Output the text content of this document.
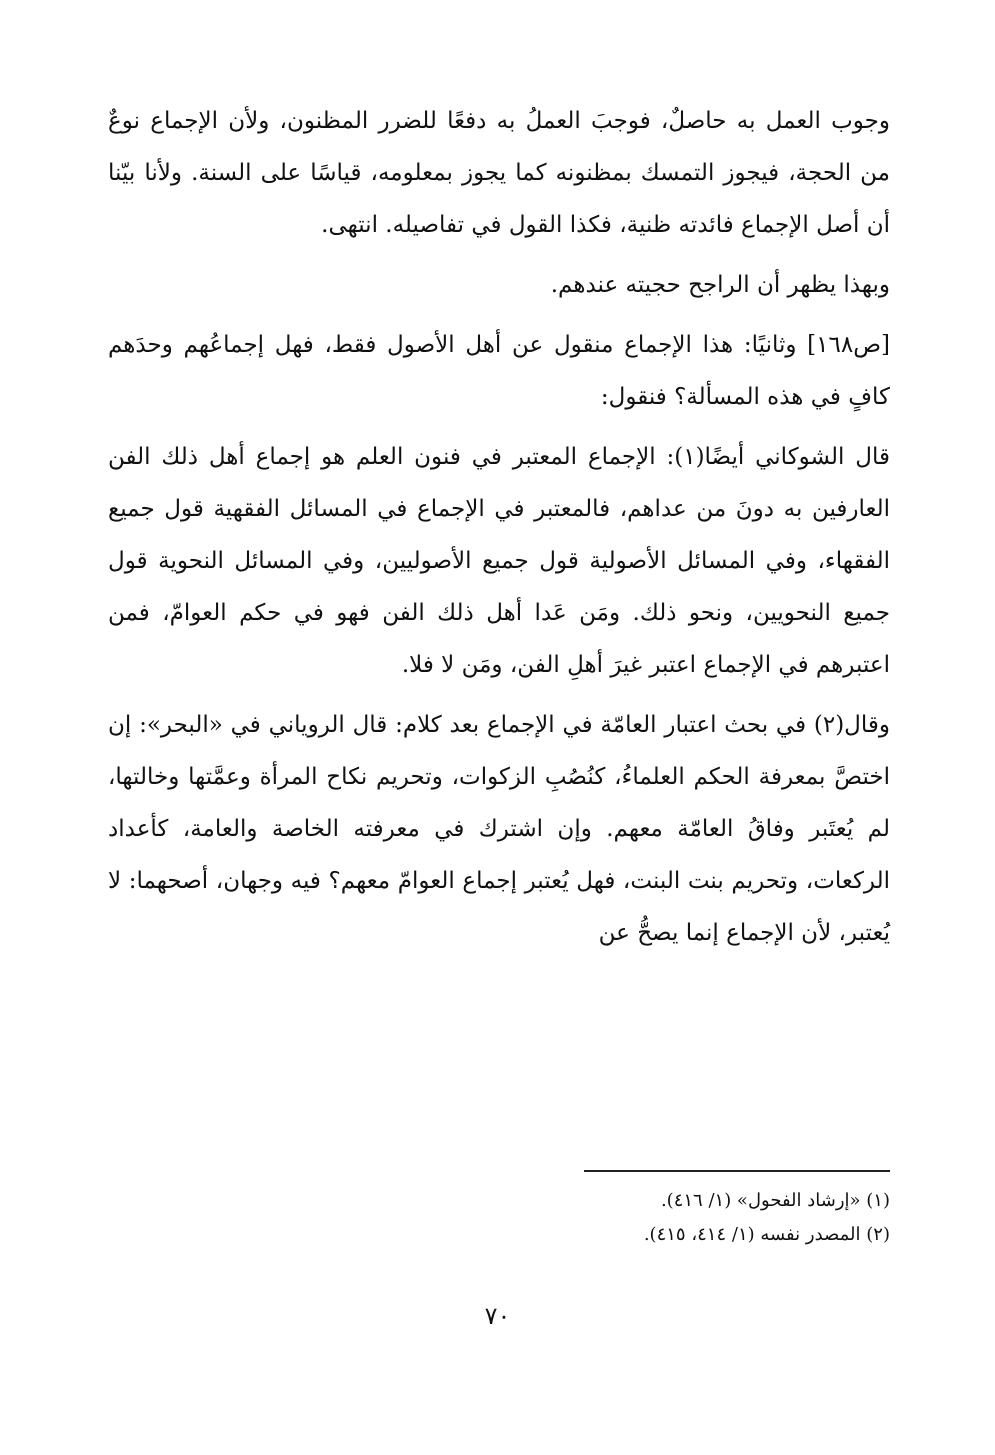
وجوب العمل به حاصلٌ، فوجبَ العملُ به دفعًا للضرر المظنون، ولأن الإجماع نوعٌ من الحجة، فيجوز التمسك بمظنونه كما يجوز بمعلومه، قياسًا على السنة. ولأنا بيّنا أن أصل الإجماع فائدته ظنية، فكذا القول في تفاصيله. انتهى.

وبهذا يظهر أن الراجح حجيته عندهم.

[ص١٦٨] وثانيًا: هذا الإجماع منقول عن أهل الأصول فقط، فهل إجماعُهم وحدَهم كافٍ في هذه المسألة؟ فنقول:

قال الشوكاني أيضًا(١): الإجماع المعتبر في فنون العلم هو إجماع أهل ذلك الفن العارفين به دونَ من عداهم، فالمعتبر في الإجماع في المسائل الفقهية قول جميع الفقهاء، وفي المسائل الأصولية قول جميع الأصوليين، وفي المسائل النحوية قول جميع النحويين، ونحو ذلك. ومَن عَدا أهل ذلك الفن فهو في حكم العوامّ، فمن اعتبرهم في الإجماع اعتبر غيرَ أهلِ الفن، ومَن لا فلا.

وقال(٢) في بحث اعتبار العامّة في الإجماع بعد كلام: قال الروياني في «البحر»: إن اختصَّ بمعرفة الحكم العلماءُ، كنُصُبِ الزكوات، وتحريم نكاح المرأة وعمَّتها وخالتها، لم يُعتَبر وفاقُ العامّة معهم. وإن اشترك في معرفته الخاصة والعامة، كأعداد الركعات، وتحريم بنت البنت، فهل يُعتبر إجماع العوامّ معهم؟ فيه وجهان، أصحهما: لا يُعتبر، لأن الإجماع إنما يصحُّ عن

(١) «إرشاد الفحول» (١/ ٤١٦).

(٢) المصدر نفسه (١/ ٤١٤، ٤١٥).

٧٠
